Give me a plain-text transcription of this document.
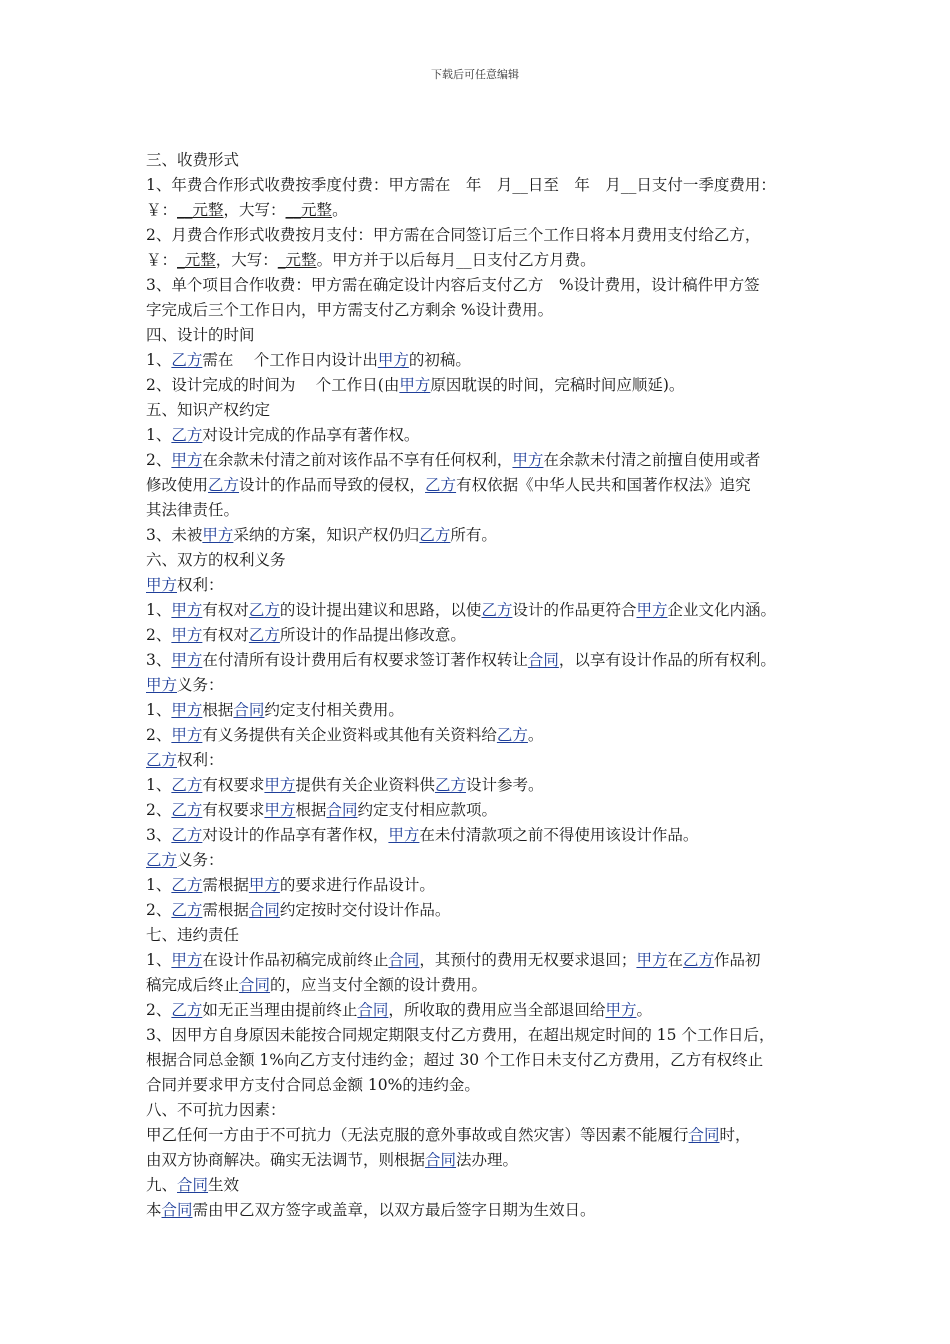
下载后可任意编辑
三、收费形式
1、年费合作形式收费按季度付费：甲方需在　年　月__日至　年　月__日支付一季度费用：
￥：__元整，大写：__元整。
2、月费合作形式收费按月支付：甲方需在合同签订后三个工作日将本月费用支付给乙方，
￥：_元整，大写：_元整。甲方并于以后每月__日支付乙方月费。
3、单个项目合作收费：甲方需在确定设计内容后支付乙方　%设计费用，设计稿件甲方签
字完成后三个工作日内，甲方需支付乙方剩余 %设计费用。
四、设计的时间
1、乙方需在　 个工作日内设计出甲方的初稿。
2、设计完成的时间为　 个工作日(由甲方原因耽误的时间，完稿时间应顺延)。
五、知识产权约定
1、乙方对设计完成的作品享有著作权。
2、甲方在余款未付清之前对该作品不享有任何权利，甲方在余款未付清之前擅自使用或者
修改使用乙方设计的作品而导致的侵权，乙方有权依据《中华人民共和国著作权法》追究
其法律责任。
3、未被甲方采纳的方案，知识产权仍归乙方所有。
六、双方的权利义务
甲方权利：
1、甲方有权对乙方的设计提出建议和思路，以使乙方设计的作品更符合甲方企业文化内涵。
2、甲方有权对乙方所设计的作品提出修改意。
3、甲方在付清所有设计费用后有权要求签订著作权转让合同，以享有设计作品的所有权利。
甲方义务：
1、甲方根据合同约定支付相关费用。
2、甲方有义务提供有关企业资料或其他有关资料给乙方。
乙方权利：
1、乙方有权要求甲方提供有关企业资料供乙方设计参考。
2、乙方有权要求甲方根据合同约定支付相应款项。
3、乙方对设计的作品享有著作权，甲方在未付清款项之前不得使用该设计作品。
乙方义务：
1、乙方需根据甲方的要求进行作品设计。
2、乙方需根据合同约定按时交付设计作品。
七、违约责任
1、甲方在设计作品初稿完成前终止合同，其预付的费用无权要求退回；甲方在乙方作品初
稿完成后终止合同的，应当支付全额的设计费用。
2、乙方如无正当理由提前终止合同，所收取的费用应当全部退回给甲方。
3、因甲方自身原因未能按合同规定期限支付乙方费用，在超出规定时间的 15 个工作日后，
根据合同总金额 1%向乙方支付违约金；超过 30 个工作日未支付乙方费用，乙方有权终止
合同并要求甲方支付合同总金额 10%的违约金。
八、不可抗力因素：
甲乙任何一方由于不可抗力（无法克服的意外事故或自然灾害）等因素不能履行合同时，
由双方协商解决。确实无法调节，则根据合同法办理。
九、合同生效
本合同需由甲乙双方签字或盖章，以双方最后签字日期为生效日。
